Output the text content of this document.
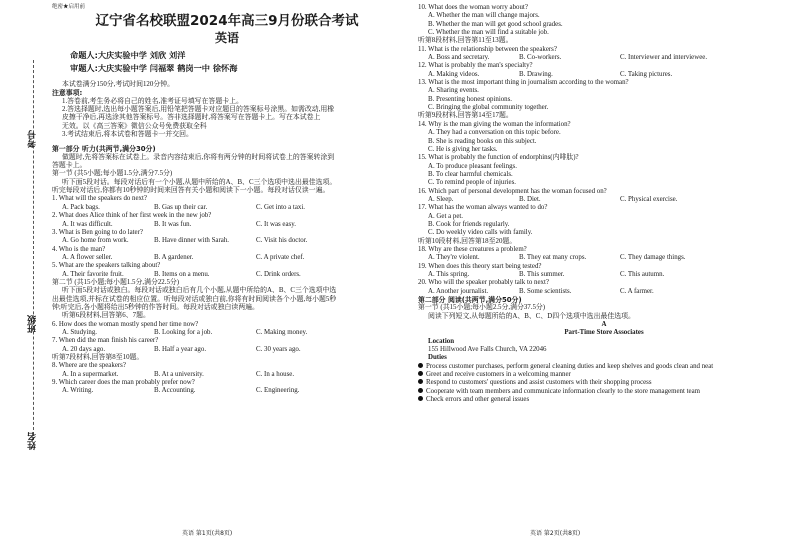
考号
班级
姓名
绝密★启用前
辽宁省名校联盟2024年高三9月份联合考试
英语
命题人:大庆实验中学 刘欣 刘洋
审题人:大庆实验中学 闫福翠 鹤岗一中 徐怀海
本试卷满分150分,考试时间120分钟。
注意事项:
1.答卷前,考生务必将自己的姓名,准考证号填写在答题卡上。
2.答选择题时,选出每小题答案后,用铅笔把答题卡对应题目的答案标号涂黑。如需改动,用橡
皮擦干净后,再选涂其他答案标号。答非选择题时,将答案写在答题卡上。写在本试卷上
无效。以《高三答案》微信公众号免费获取全科
3.考试结束后,将本试卷和答题卡一并交回。
第一部分 听力(共两节,满分30分)
做题时,先将答案标在试卷上。录音内容结束后,你将有两分钟的时间将试卷上的答案转涂到
答题卡上。
第一节 (共5小题;每小题1.5分,满分7.5分)
听下面5段对话。每段对话后有一个小题,从题中所给的A、B、C三个选项中选出最佳选项。
听完每段对话后,你都有10秒钟的时间来回答有关小题和阅读下一小题。每段对话仅读一遍。
1. What will the speakers do next?
A. Pack bags.	B. Gas up their car.	C. Get into a taxi.
2. What does Alice think of her first week in the new job?
A. It was difficult.	B. It was fun.	C. It was easy.
3. What is Ben going to do later?
A. Go home from work.	B. Have dinner with Sarah.	C. Visit his doctor.
4. Who is the man?
A. A flower seller.	B. A gardener.	C. A private chef.
5. What are the speakers talking about?
A. Their favorite fruit.	B. Items on a menu.	C. Drink orders.
第二节 (共15小题;每小题1.5分,满分22.5分)
听下面5段对话或独白。每段对话或独白后有几个小题,从题中所给的A、B、C三个选项中选
出最佳选项,并标在试卷的相应位置。听每段对话或独白前,你将有时间阅读各个小题,每小题5秒
钟;听完后,各小题将给出5秒钟的作答时间。每段对话或独白读两遍。
听第6段材料,回答第6、7题。
6. How does the woman mostly spend her time now?
A. Studying.	B. Looking for a job.	C. Making money.
7. When did the man finish his career?
A. 20 days ago.	B. Half a year ago.	C. 30 years ago.
听第7段材料,回答第8至10题。
8. Where are the speakers?
A. In a supermarket.	B. At a university.	C. In a house.
9. Which career does the man probably prefer now?
A. Writing.	B. Accounting.	C. Engineering.
英语 第1页(共8页)
10. What does the woman worry about?
A. Whether the man will change majors.
B. Whether the man will get good school grades.
C. Whether the man will find a suitable job.
听第8段材料,回答第11至13题。
11. What is the relationship between the speakers?
A. Boss and secretary.	B. Co-workers.	C. Interviewer and interviewee.
12. What is probably the man's specialty?
A. Making videos.	B. Drawing.	C. Taking pictures.
13. What is the most important thing in journalism according to the woman?
A. Sharing events.
B. Presenting honest opinions.
C. Bringing the global community together.
听第9段材料,回答第14至17题。
14. Why is the man giving the woman the information?
A. They had a conversation on this topic before.
B. She is reading books on this subject.
C. He is giving her tasks.
15. What is probably the function of endorphins(内啡肽)?
A. To produce pleasant feelings.
B. To clear harmful chemicals.
C. To remind people of injuries.
16. Which part of personal development has the woman focused on?
A. Sleep.	B. Diet.	C. Physical exercise.
17. What has the woman always wanted to do?
A. Get a pet.
B. Cook for friends regularly.
C. Do weekly video calls with family.
听第10段材料,回答第18至20题。
18. Why are these creatures a problem?
A. They're violent.	B. They eat many crops.	C. They damage things.
19. When does this theory start being tested?
A. This spring.	B. This summer.	C. This autumn.
20. Who will the speaker probably talk to next?
A. Another journalist.	B. Some scientists.	C. A farmer.
第二部分 阅读(共两节,满分50分)
第一节 (共15小题;每小题2.5分,满分37.5分)
阅读下列短文,从每题所给的A、B、C、D四个选项中选出最佳选项。
A
Part-Time Store Associates
Location
155 Hillwood Ave Falls Church, VA 22046
Duties
Process customer purchases, perform general cleaning duties and keep shelves and goods clean and neat
Greet and receive customers in a welcoming manner
Respond to customers' questions and assist customers with their shopping process
Cooperate with team members and communicate information clearly to the store management team
Check errors and other general issues
英语 第2页(共8页)
